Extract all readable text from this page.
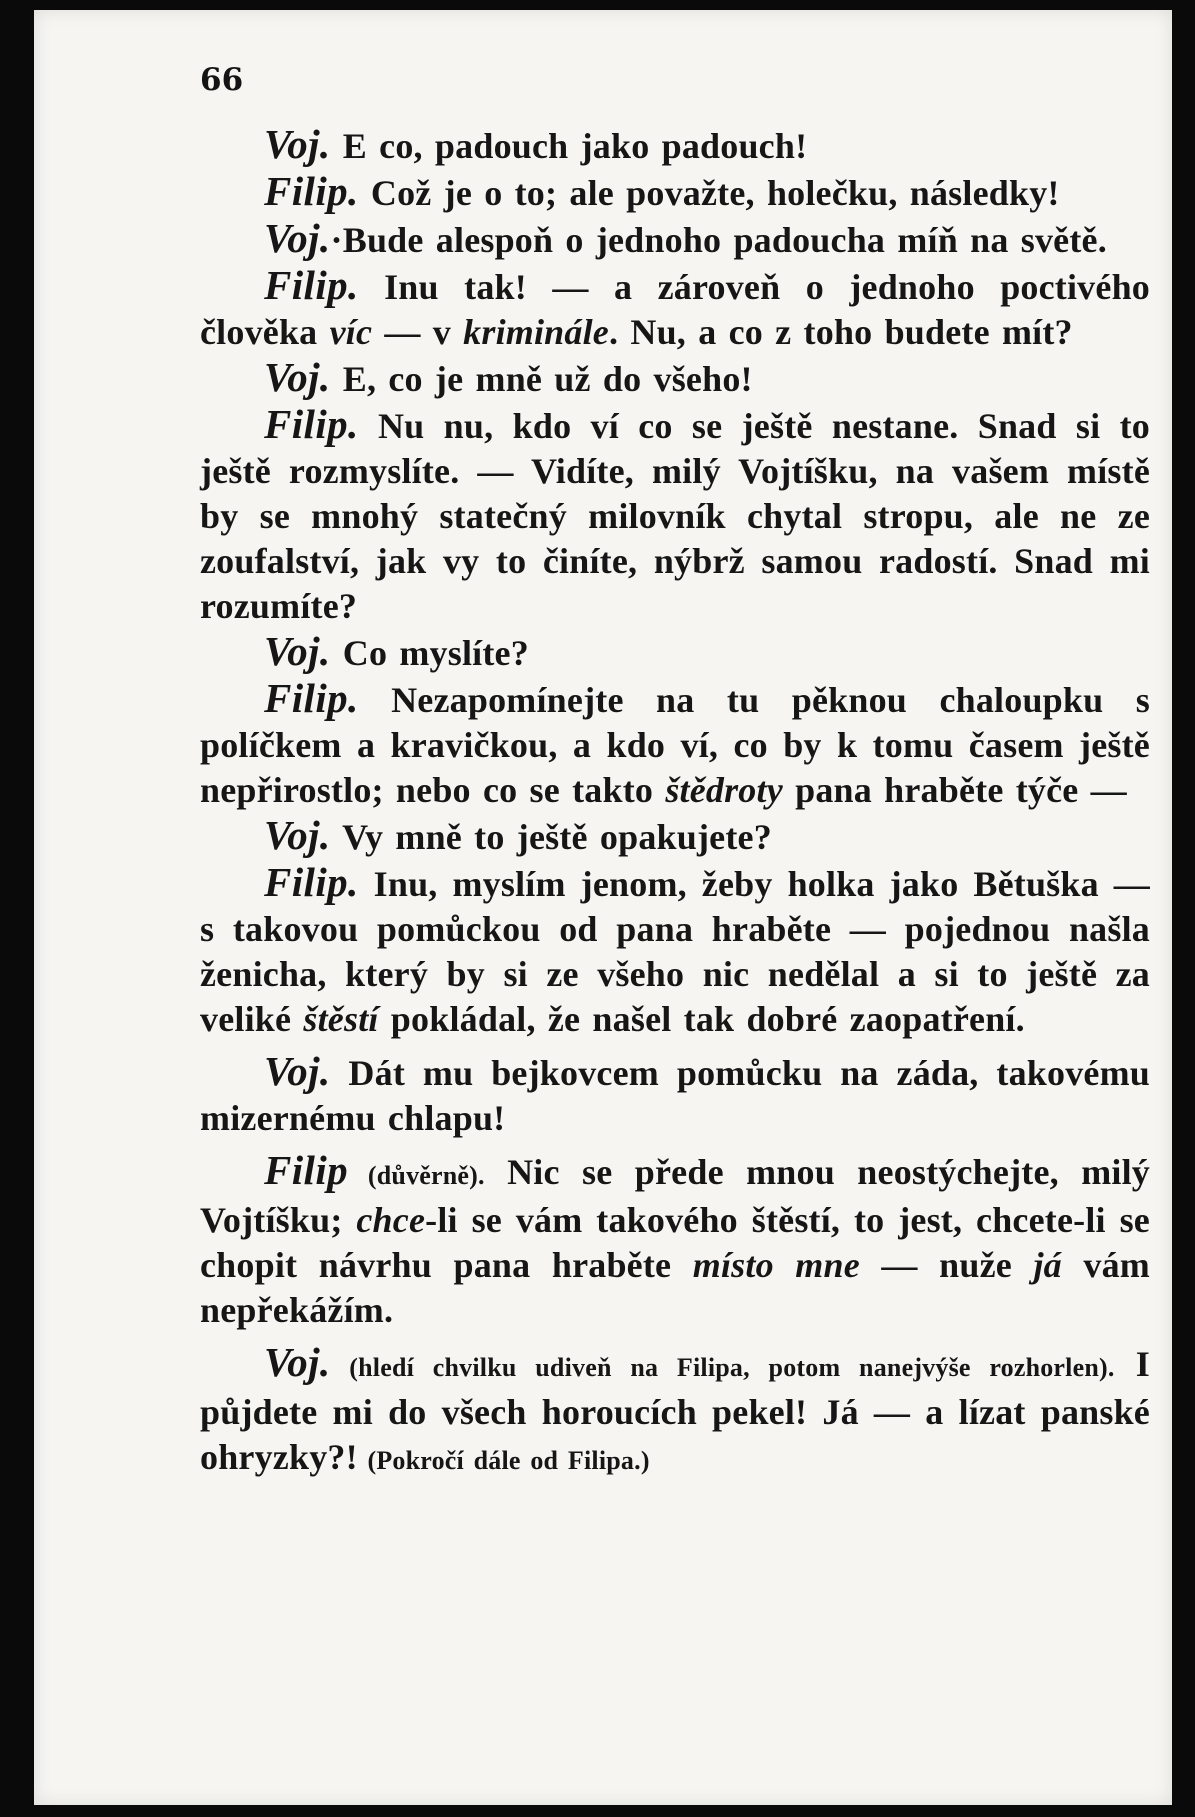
66

Voj. E co, padouch jako padouch!

Filip. Což je o to; ale považte, holečku, následky!

Voj.·Bude alespoň o jednoho padoucha míň na světě.

Filip. Inu tak! — a zároveň o jednoho poctivého člověka víc — v kriminále. Nu, a co z toho budete mít?

Voj. E, co je mně už do všeho!

Filip. Nu nu, kdo ví co se ještě nestane. Snad si to ještě rozmyslíte. — Vidíte, milý Vojtíšku, na vašem místě by se mnohý statečný milovník chytal stropu, ale ne ze zoufalství, jak vy to činíte, nýbrž samou radostí. Snad mi rozumíte?

Voj. Co myslíte?

Filip. Nezapomínejte na tu pěknou chaloupku s políčkem a kravičkou, a kdo ví, co by k tomu časem ještě nepřirostlo; nebo co se takto štědroty pana hraběte týče —

Voj. Vy mně to ještě opakujete?

Filip. Inu, myslím jenom, žeby holka jako Bětuška — s takovou pomůckou od pana hraběte — pojednou našla ženicha, který by si ze všeho nic nedělal a si to ještě za veliké štěstí pokládal, že našel tak dobré zaopatření.

Voj. Dát mu bejkovcem pomůcku na záda, takovému mizernému chlapu!

Filip (důvěrně). Nic se přede mnou neostýchejte, milý Vojtíšku; chce-li se vám takového štěstí, to jest, chcete-li se chopit návrhu pana hraběte místo mne — nuže já vám nepřekážím.

Voj. (hledí chvilku udiveň na Filipa, potom nanejvýše rozhorlen). I půjdete mi do všech horoucích pekel! Já — a lízat panské ohryzky?! (Pokročí dále od Filipa.)
